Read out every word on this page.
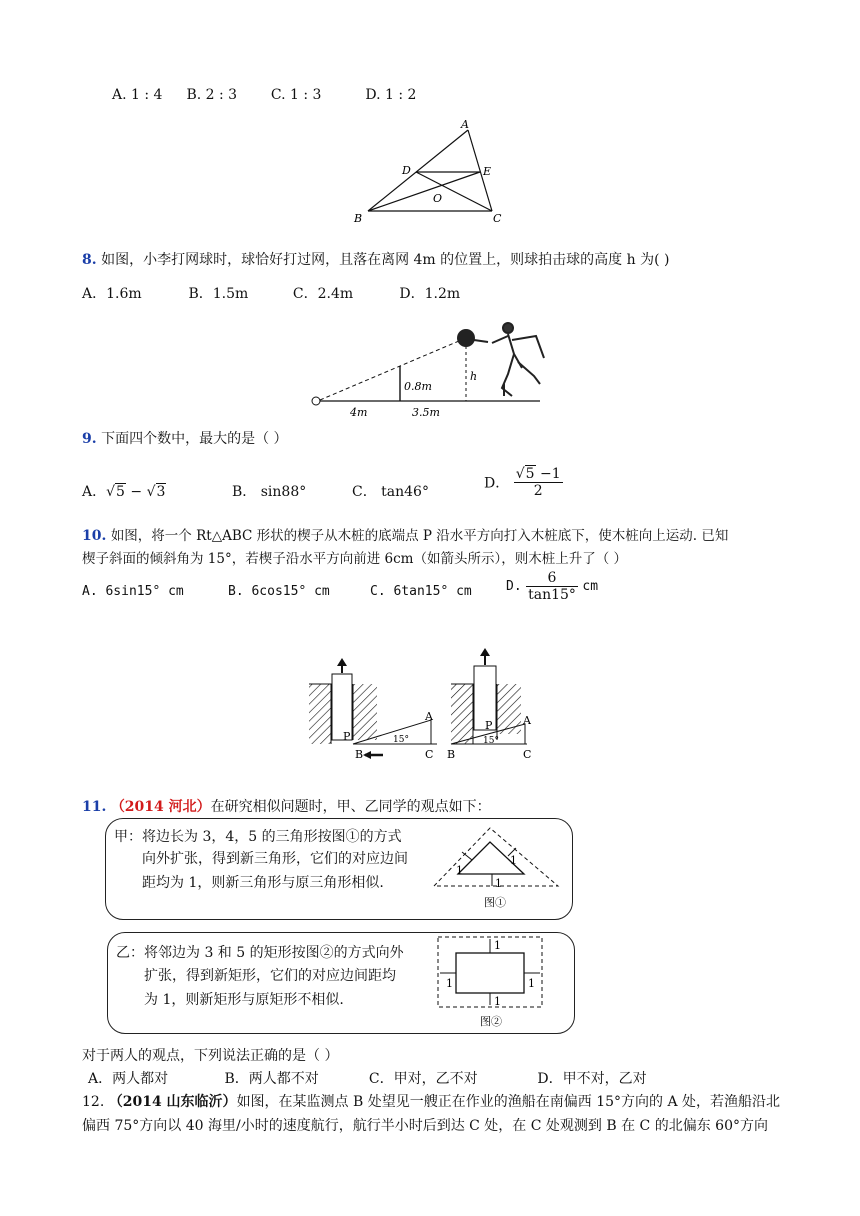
A. 1 : 4 B. 2 : 3 C. 1 : 3	D. 1 : 2
A
D	E
O
B	C
8. 如图，小李打网球时，球恰好打过网，且落在离网 4m 的位置上，则球拍击球的高度 h 为( )
A．1.6m	B．1.5m	C．2.4m	D．1.2m
0.8m
h
4m	3.5m
9. 下面四个数中，最大的是（ ）
A．√5 − √3	B． sin88°	C． tan46°
D． $\frac{√5 -1}{2}$
10. 如图，将一个 Rt△ABC 形状的楔子从木桩的底端点 P 沿水平方向打入木桩底下，使木桩向上运动. 已知
楔子斜面的倾斜角为 15°，若楔子沿水平方向前进 6cm（如箭头所示），则木桩上升了（ ）
A. 6sin15° cm	B. 6cos15° cm	C. 6tan15° cm	D. $\frac{6}{\tan 15^\circ}$ cm
P	15°
A
B	C
P
15°
A
B	C
11. （2014 河北）在研究相似问题时，甲、乙同学的观点如下：
甲：将边长为 3，4，5 的三角形按图①的方式
向外扩张，得到新三角形，它们的对应边间
距均为 1，则新三角形与原三角形相似.
1
1
1
图①
乙：将邻边为 3 和 5 的矩形按图②的方式向外
扩张，得到新矩形，它们的对应边间距均
为 1，则新矩形与原矩形不相似.
1
1	1
1
图②
对于两人的观点，下列说法正确的是（ ）
A．两人都对	B．两人都不对	C．甲对，乙不对	D．甲不对，乙对
12. （2014 山东临沂）如图，在某监测点 B 处望见一艘正在作业的渔船在南偏西 15°方向的 A 处，若渔船沿北
偏西 75°方向以 40 海里/小时的速度航行，航行半小时后到达 C 处，在 C 处观测到 B 在 C 的北偏东 60°方向
